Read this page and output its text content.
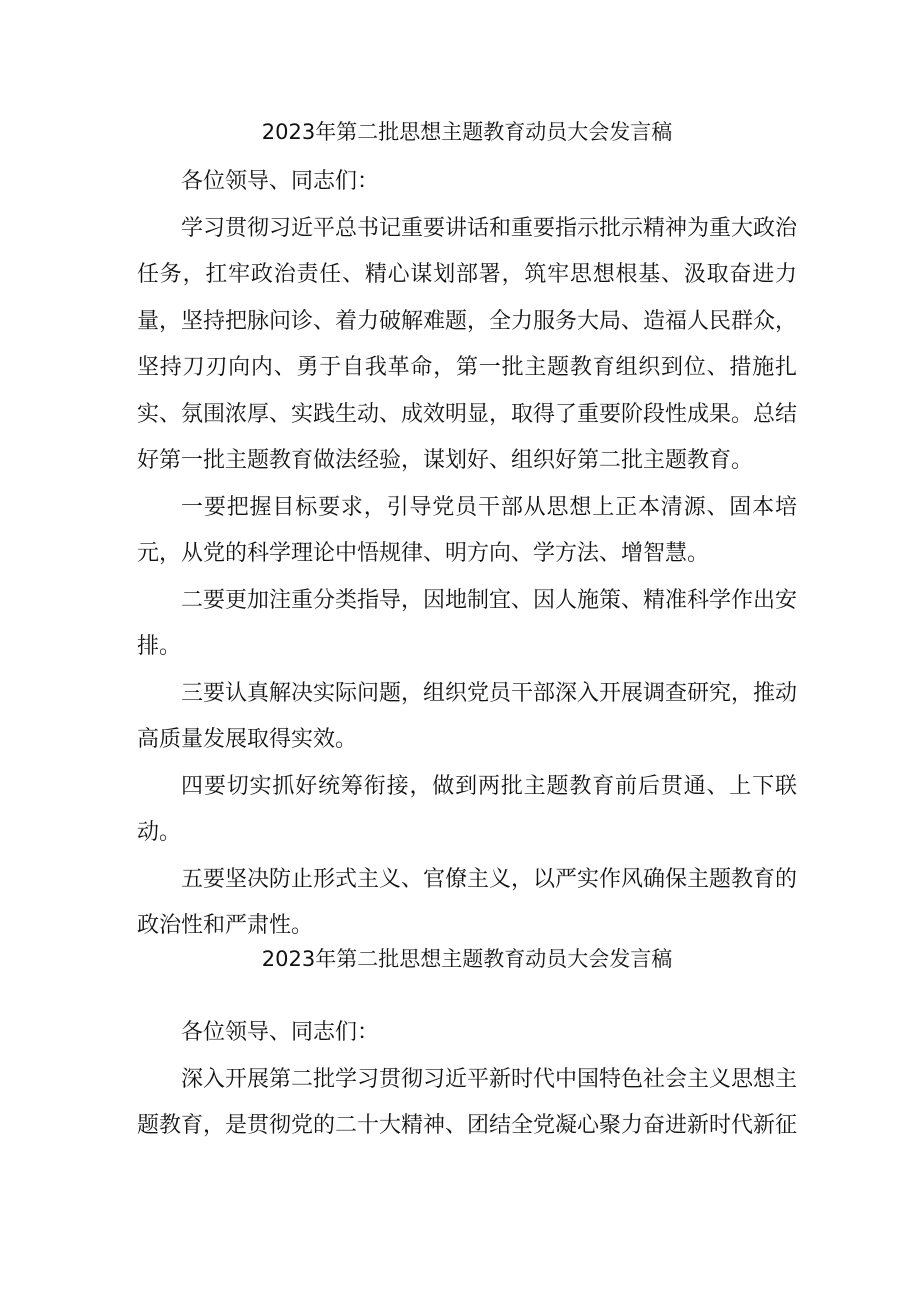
2023年第二批思想主题教育动员大会发言稿

各位领导、同志们：

学习贯彻习近平总书记重要讲话和重要指示批示精神为重大政治任务，扛牢政治责任、精心谋划部署，筑牢思想根基、汲取奋进力量，坚持把脉问诊、着力破解难题，全力服务大局、造福人民群众，坚持刀刃向内、勇于自我革命，第一批主题教育组织到位、措施扎实、氛围浓厚、实践生动、成效明显，取得了重要阶段性成果。总结好第一批主题教育做法经验，谋划好、组织好第二批主题教育。

一要把握目标要求，引导党员干部从思想上正本清源、固本培元，从党的科学理论中悟规律、明方向、学方法、增智慧。

二要更加注重分类指导，因地制宜、因人施策、精准科学作出安排。

三要认真解决实际问题，组织党员干部深入开展调查研究，推动高质量发展取得实效。

四要切实抓好统筹衔接，做到两批主题教育前后贯通、上下联动。

五要坚决防止形式主义、官僚主义，以严实作风确保主题教育的政治性和严肃性。

2023年第二批思想主题教育动员大会发言稿

各位领导、同志们：

深入开展第二批学习贯彻习近平新时代中国特色社会主义思想主题教育，是贯彻党的二十大精神、团结全党凝心聚力奋进新时代新征
